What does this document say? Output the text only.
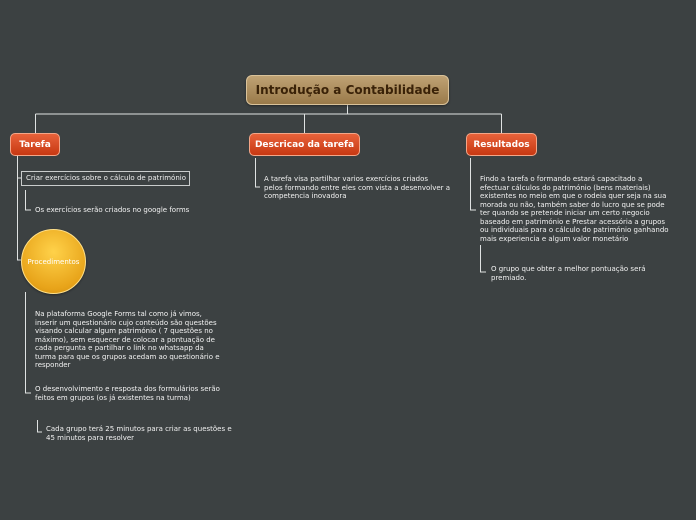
Introdução a Contabilidade
Tarefa	Descricao da tarefa	Resultados
Criar exercícios sobre o cálculo de património
Os exercícios serão criados no google forms
Procedimentos
Na plataforma Google Forms tal como já vimos,
inserir um questionário cujo conteúdo são questões
visando calcular algum património ( 7 questões no
máximo), sem esquecer de colocar a pontuação de
cada pergunta e partilhar o link no whatsapp da
turma para que os grupos acedam ao questionário e
responder
O desenvolvimento e resposta dos formulários serão
feitos em grupos (os já existentes na turma)
Cada grupo terá 25 minutos para criar as questões e
45 minutos para resolver
A tarefa visa partilhar varios exercícios criados
pelos formando entre eles com vista a desenvolver a
competencia inovadora
Findo a tarefa o formando estará capacitado a
efectuar cálculos do património (bens materiais)
existentes no meio em que o rodeia quer seja na sua
morada ou não, também saber do lucro que se pode
ter quando se pretende iniciar um certo negocio
baseado em património e Prestar acessória a grupos
ou individuais para o cálculo do património ganhando
mais experiencia e algum valor monetário
O grupo que obter a melhor pontuação será
premiado.
